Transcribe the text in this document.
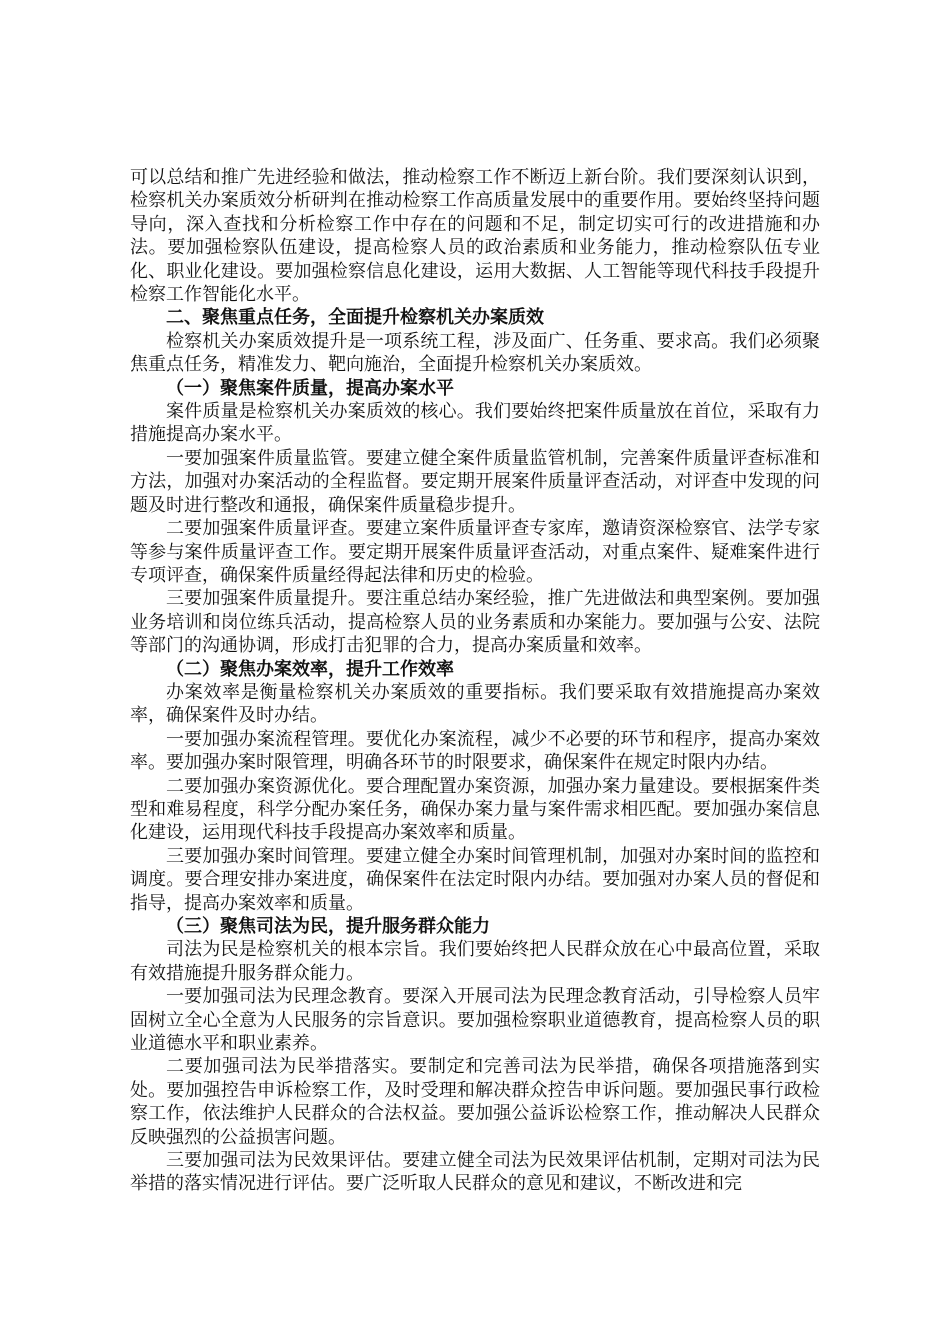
可以总结和推广先进经验和做法，推动检察工作不断迈上新台阶。我们要深刻认识到，检察机关办案质效分析研判在推动检察工作高质量发展中的重要作用。要始终坚持问题导向，深入查找和分析检察工作中存在的问题和不足，制定切实可行的改进措施和办法。要加强检察队伍建设，提高检察人员的政治素质和业务能力，推动检察队伍专业化、职业化建设。要加强检察信息化建设，运用大数据、人工智能等现代科技手段提升检察工作智能化水平。

二、聚焦重点任务，全面提升检察机关办案质效

检察机关办案质效提升是一项系统工程，涉及面广、任务重、要求高。我们必须聚焦重点任务，精准发力、靶向施治，全面提升检察机关办案质效。

（一）聚焦案件质量，提高办案水平

案件质量是检察机关办案质效的核心。我们要始终把案件质量放在首位，采取有力措施提高办案水平。

一要加强案件质量监管。要建立健全案件质量监管机制，完善案件质量评查标准和方法，加强对办案活动的全程监督。要定期开展案件质量评查活动，对评查中发现的问题及时进行整改和通报，确保案件质量稳步提升。

二要加强案件质量评查。要建立案件质量评查专家库，邀请资深检察官、法学专家等参与案件质量评查工作。要定期开展案件质量评查活动，对重点案件、疑难案件进行专项评查，确保案件质量经得起法律和历史的检验。

三要加强案件质量提升。要注重总结办案经验，推广先进做法和典型案例。要加强业务培训和岗位练兵活动，提高检察人员的业务素质和办案能力。要加强与公安、法院等部门的沟通协调，形成打击犯罪的合力，提高办案质量和效率。

（二）聚焦办案效率，提升工作效率

办案效率是衡量检察机关办案质效的重要指标。我们要采取有效措施提高办案效率，确保案件及时办结。

一要加强办案流程管理。要优化办案流程，减少不必要的环节和程序，提高办案效率。要加强办案时限管理，明确各环节的时限要求，确保案件在规定时限内办结。

二要加强办案资源优化。要合理配置办案资源，加强办案力量建设。要根据案件类型和难易程度，科学分配办案任务，确保办案力量与案件需求相匹配。要加强办案信息化建设，运用现代科技手段提高办案效率和质量。

三要加强办案时间管理。要建立健全办案时间管理机制，加强对办案时间的监控和调度。要合理安排办案进度，确保案件在法定时限内办结。要加强对办案人员的督促和指导，提高办案效率和质量。

（三）聚焦司法为民，提升服务群众能力

司法为民是检察机关的根本宗旨。我们要始终把人民群众放在心中最高位置，采取有效措施提升服务群众能力。

一要加强司法为民理念教育。要深入开展司法为民理念教育活动，引导检察人员牢固树立全心全意为人民服务的宗旨意识。要加强检察职业道德教育，提高检察人员的职业道德水平和职业素养。

二要加强司法为民举措落实。要制定和完善司法为民举措，确保各项措施落到实处。要加强控告申诉检察工作，及时受理和解决群众控告申诉问题。要加强民事行政检察工作，依法维护人民群众的合法权益。要加强公益诉讼检察工作，推动解决人民群众反映强烈的公益损害问题。

三要加强司法为民效果评估。要建立健全司法为民效果评估机制，定期对司法为民举措的落实情况进行评估。要广泛听取人民群众的意见和建议，不断改进和完
